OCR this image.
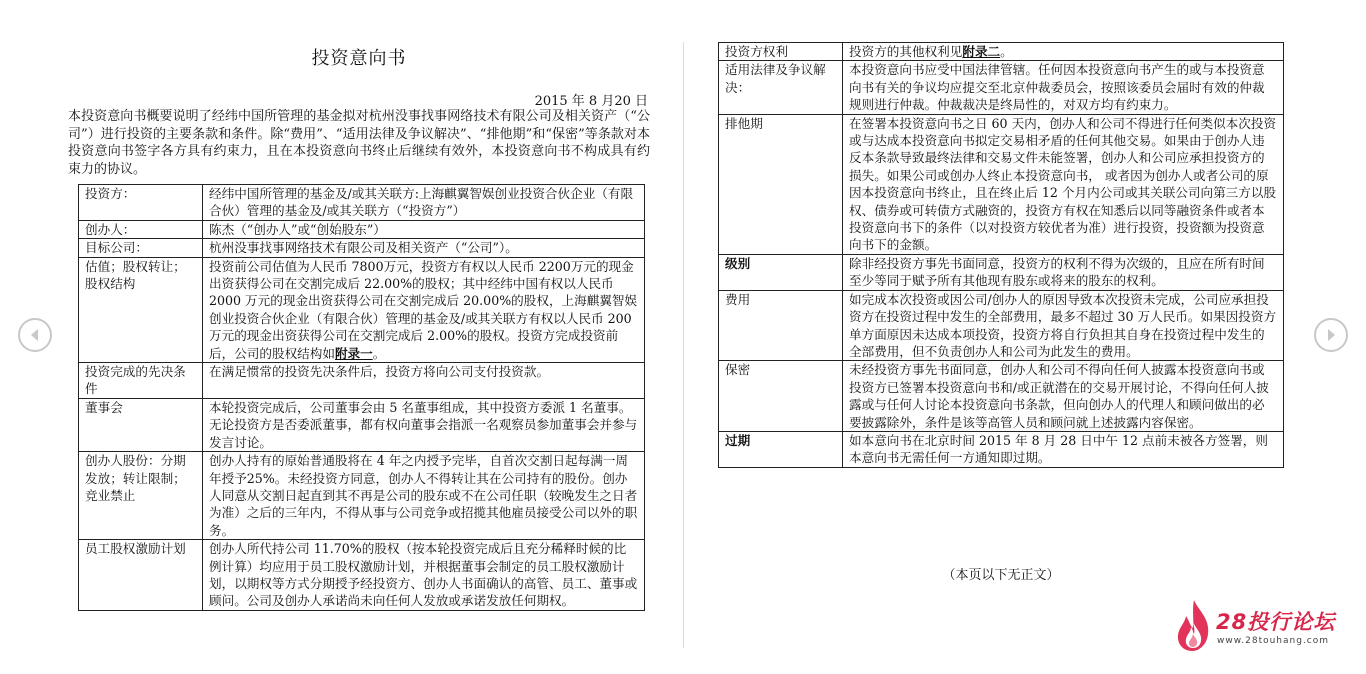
投资意向书
2015 年 8 月20 日
本投资意向书概要说明了经纬中国所管理的基金拟对杭州没事找事网络技术有限公司及相关资产（“公司”）进行投资的主要条款和条件。除“费用”、“适用法律及争议解决”、“排他期”和“保密”等条款对本投资意向书签字各方具有约束力，且在本投资意向书终止后继续有效外，本投资意向书不构成具有约束力的协议。
投资方：	经纬中国所管理的基金及/或其关联方:上海麒翼智娱创业投资合伙企业（有限合伙）管理的基金及/或其关联方（“投资方”）
创办人：	陈杰（“创办人”或“创始股东”）
目标公司：	杭州没事找事网络技术有限公司及相关资产（“公司”）。
估值；股权转让；股权结构	投资前公司估值为人民币 7800万元，投资方有权以人民币 2200万元的现金出资获得公司在交割完成后 22.00%的股权；其中经纬中国有权以人民币 2000 万元的现金出资获得公司在交割完成后 20.00%的股权，上海麒翼智娱创业投资合伙企业（有限合伙）管理的基金及/或其关联方有权以人民币 200 万元的现金出资获得公司在交割完成后 2.00%的股权。投资方完成投资前后，公司的股权结构如附录一。
投资完成的先决条件	在满足惯常的投资先决条件后，投资方将向公司支付投资款。
董事会	本轮投资完成后，公司董事会由 5 名董事组成，其中投资方委派 1 名董事。无论投资方是否委派董事，都有权向董事会指派一名观察员参加董事会并参与发言讨论。
创办人股份：分期发放；转让限制；竞业禁止	创办人持有的原始普通股将在 4 年之内授予完毕，自首次交割日起每满一周年授予25%。未经投资方同意，创办人不得转让其在公司持有的股份。创办人同意从交割日起直到其不再是公司的股东或不在公司任职（较晚发生之日者为准）之后的三年内，不得从事与公司竞争或招揽其他雇员接受公司以外的职务。
员工股权激励计划	创办人所代持公司 11.70%的股权（按本轮投资完成后且充分稀释时候的比例计算）均应用于员工股权激励计划，并根据董事会制定的员工股权激励计划，以期权等方式分期授予经投资方、创办人书面确认的高管、员工、董事或顾问。公司及创办人承诺尚未向任何人发放或承诺发放任何期权。
投资方权利	投资方的其他权利见附录二。
适用法律及争议解决：	本投资意向书应受中国法律管辖。任何因本投资意向书产生的或与本投资意向书有关的争议均应提交至北京仲裁委员会，按照该委员会届时有效的仲裁规则进行仲裁。仲裁裁决是终局性的，对双方均有约束力。
排他期	在签署本投资意向书之日 60 天内，创办人和公司不得进行任何类似本次投资或与达成本投资意向书拟定交易相矛盾的任何其他交易。如果由于创办人违反本条款导致最终法律和交易文件未能签署，创办人和公司应承担投资方的损失。如果公司或创办人终止本投资意向书， 或者因为创办人或者公司的原因本投资意向书终止，且在终止后 12 个月内公司或其关联公司向第三方以股权、债券或可转债方式融资的，投资方有权在知悉后以同等融资条件或者本投资意向书下的条件（以对投资方较优者为准）进行投资，投资额为投资意向书下的金额。
级别	除非经投资方事先书面同意，投资方的权利不得为次级的，且应在所有时间至少等同于赋予所有其他现有股东或将来的股东的权利。
费用	如完成本次投资或因公司/创办人的原因导致本次投资未完成，公司应承担投资方在投资过程中发生的全部费用，最多不超过 30 万人民币。如果因投资方单方面原因未达成本项投资，投资方将自行负担其自身在投资过程中发生的全部费用，但不负责创办人和公司为此发生的费用。
保密	未经投资方事先书面同意，创办人和公司不得向任何人披露本投资意向书或投资方已签署本投资意向书和/或正就潜在的交易开展讨论，不得向任何人披露或与任何人讨论本投资意向书条款，但向创办人的代理人和顾问做出的必要披露除外，条件是该等高管人员和顾问就上述披露内容保密。
过期	如本意向书在北京时间 2015 年 8 月 28 日中午 12 点前未被各方签署，则本意向书无需任何一方通知即过期。
（本页以下无正文）
28投行论坛
www.28touhang.com
